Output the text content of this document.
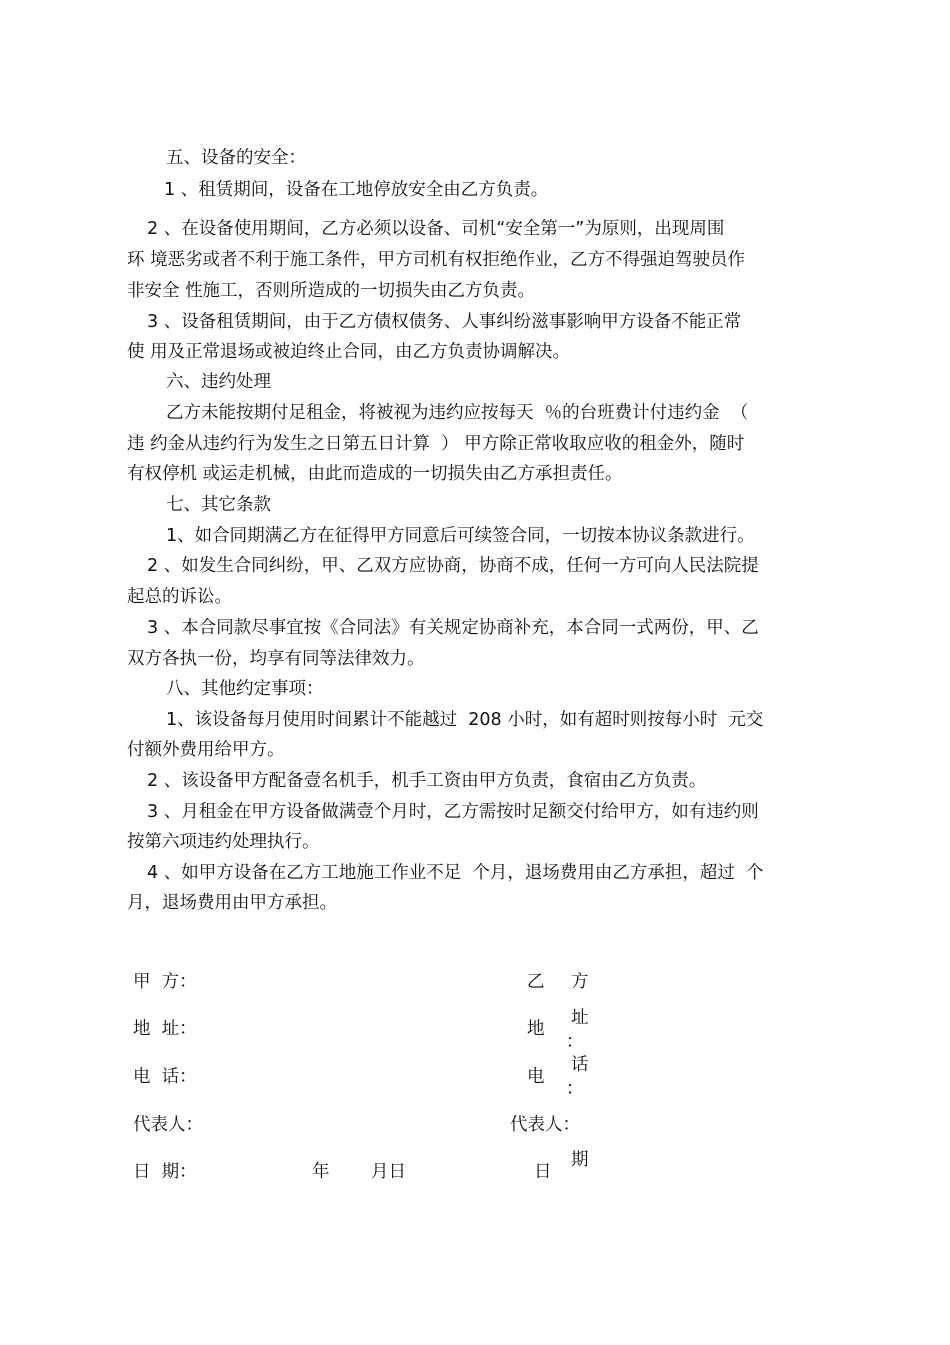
五、设备的安全：

1 、租赁期间，设备在工地停放安全由乙方负责。

2 、在设备使用期间，乙方必须以设备、司机“安全第一”为原则，出现周围

环 境恶劣或者不利于施工条件，甲方司机有权拒绝作业，乙方不得强迫驾驶员作

非安全 性施工，否则所造成的一切损失由乙方负责。

3 、设备租赁期间，由于乙方债权债务、人事纠纷滋事影响甲方设备不能正常

使 用及正常退场或被迫终止合同，由乙方负责协调解决。

六、违约处理

乙方未能按期付足租金，将被视为违约应按每天  ％的台班费计付违约金  （

违 约金从违约行为发生之日第五日计算  ） 甲方除正常收取应收的租金外，随时

有权停机 或运走机械，由此而造成的一切损失由乙方承担责任。

七、其它条款

1、如合同期满乙方在征得甲方同意后可续签合同，一切按本协议条款进行。

2 、如发生合同纠纷，甲、乙双方应协商，协商不成，任何一方可向人民法院提

起总的诉讼。

3 、本合同款尽事宜按《合同法》有关规定协商补充，本合同一式两份，甲、乙

双方各执一份，均享有同等法律效力。

八、其他约定事项：

1、该设备每月使用时间累计不能越过  208 小时，如有超时则按每小时  元交

付额外费用给甲方。

2 、该设备甲方配备壹名机手，机手工资由甲方负责，食宿由乙方负责。

3 、月租金在甲方设备做满壹个月时，乙方需按时足额交付给甲方，如有违约则

按第六项违约处理执行。

4 、如甲方设备在乙方工地施工作业不足  个月，退场费用由乙方承担，超过  个

月，退场费用由甲方承担。

甲  方：

地  址：

电  话：

代表人：

日  期：	年 月日

乙 方

地

址

：

电

话

：

代表人：

日

期
